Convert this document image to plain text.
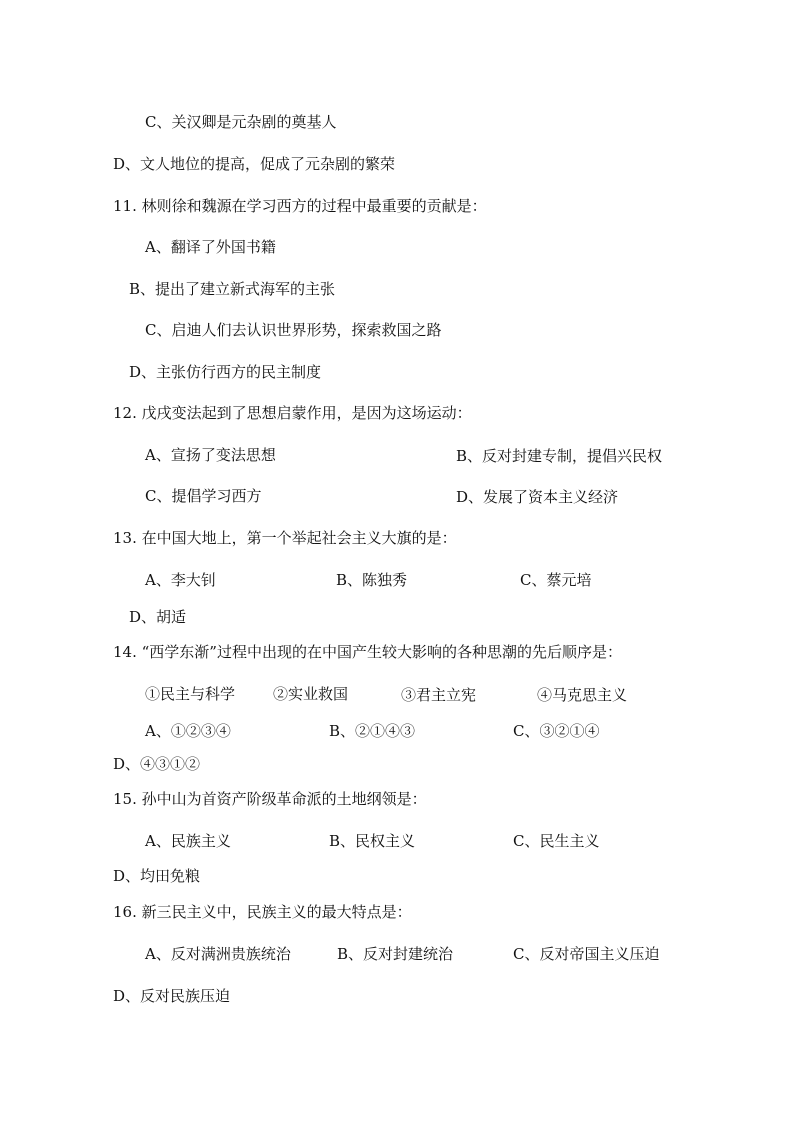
C、关汉卿是元杂剧的奠基人
D、文人地位的提高，促成了元杂剧的繁荣
11. 林则徐和魏源在学习西方的过程中最重要的贡献是：
A、翻译了外国书籍
B、提出了建立新式海军的主张
C、启迪人们去认识世界形势，探索救国之路
D、主张仿行西方的民主制度
12. 戊戌变法起到了思想启蒙作用，是因为这场运动：
A、宣扬了变法思想	B、反对封建专制，提倡兴民权
C、提倡学习西方	D、发展了资本主义经济
13. 在中国大地上，第一个举起社会主义大旗的是：
A、李大钊	B、陈独秀	C、蔡元培
D、胡适
14. “西学东渐”过程中出现的在中国产生较大影响的各种思潮的先后顺序是：
①民主与科学	②实业救国	③君主立宪	④马克思主义
A、①②③④	B、②①④③	C、③②①④
D、④③①②
15. 孙中山为首资产阶级革命派的土地纲领是：
A、民族主义	B、民权主义	C、民生主义
D、均田免粮
16. 新三民主义中，民族主义的最大特点是：
A、反对满洲贵族统治	B、反对封建统治	C、反对帝国主义压迫
D、反对民族压迫
